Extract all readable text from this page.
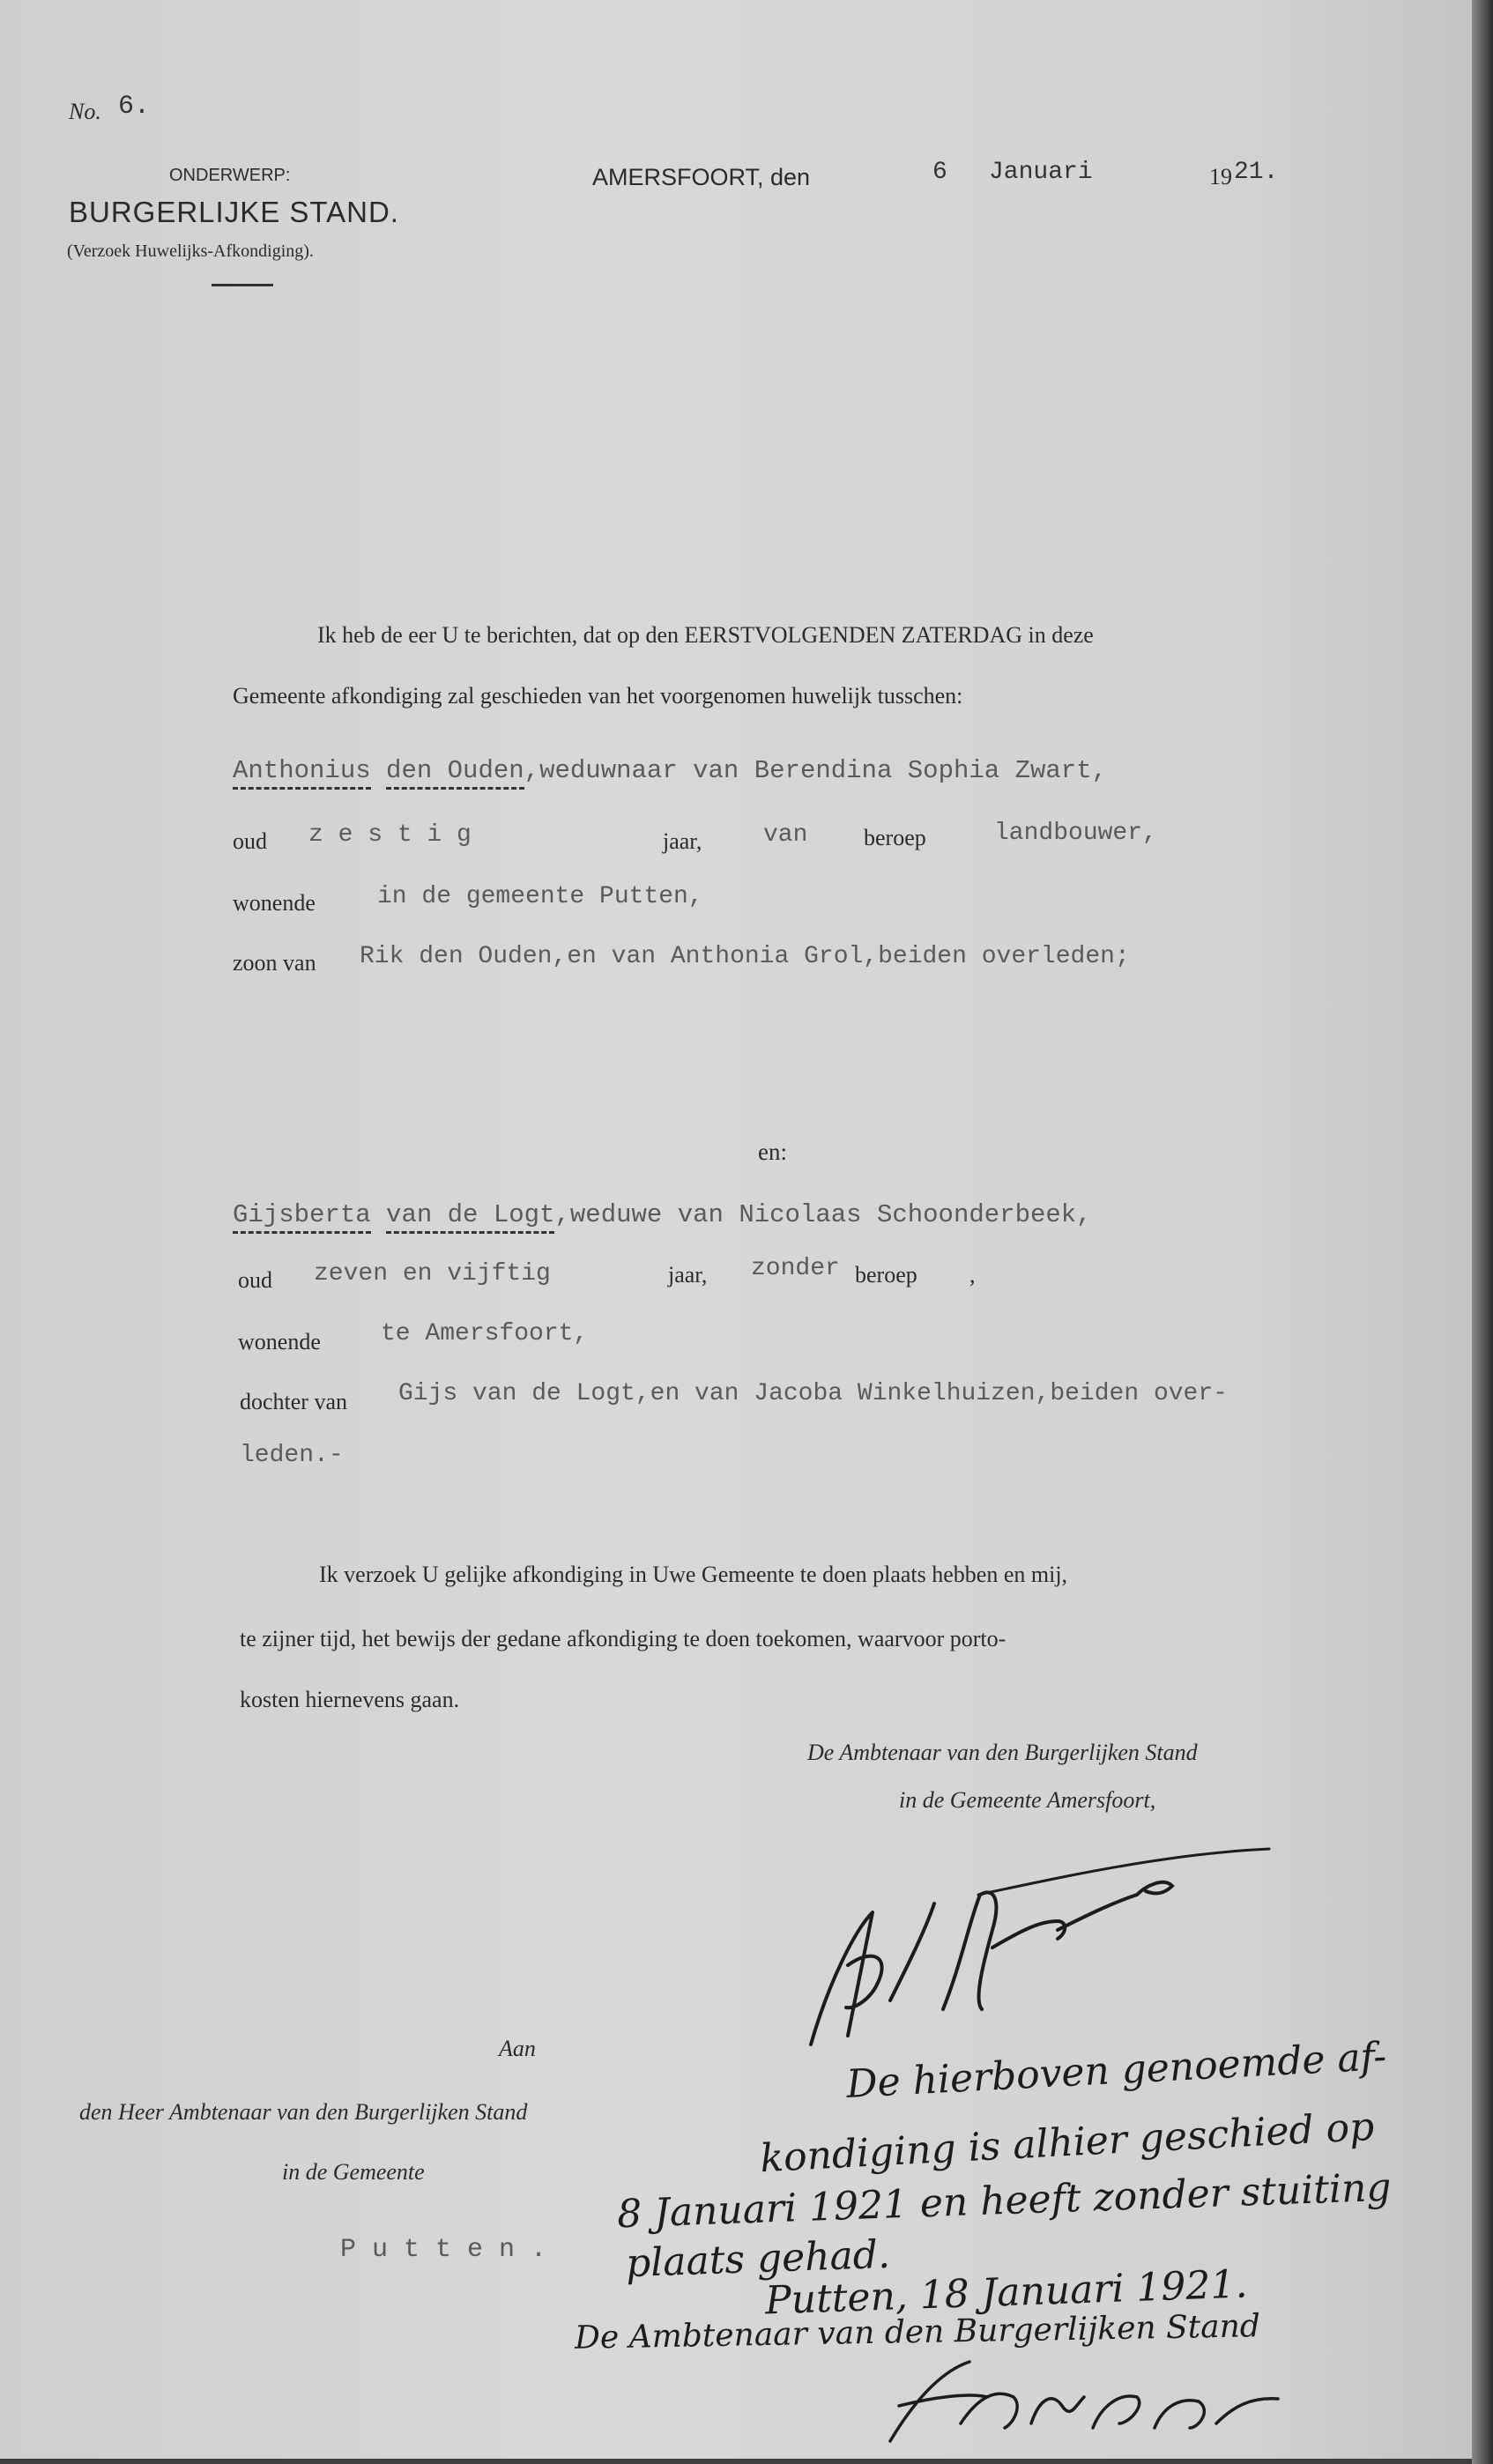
No. 6.
ONDERWERP:
BURGERLIJKE STAND.
(Verzoek Huwelijks-Afkondiging).
AMERSFOORT, den	6 Januari	19 21.
Ik heb de eer U te berichten, dat op den EERSTVOLGENDEN ZATERDAG in deze
Gemeente afkondiging zal geschieden van het voorgenomen huwelijk tusschen:
Anthonius den Ouden,weduwnaar van Berendina Sophia Zwart,
oud z e s t i g	jaar, van beroep	landbouwer,
wonende	in de gemeente Putten,
zoon van Rik den Ouden,en van Anthonia Grol,beiden overleden;
en:
Gijsberta van de Logt,weduwe van Nicolaas Schoonderbeek,
oud zeven en vijftig	jaar, zonder beroep ,
wonende te Amersfoort,
dochter van Gijs van de Logt,en van Jacoba Winkelhuizen,beiden over-
leden.-
Ik verzoek U gelijke afkondiging in Uwe Gemeente te doen plaats hebben en mij,
te zijner tijd, het bewijs der gedane afkondiging te doen toekomen, waarvoor porto-
kosten hiernevens gaan.
De Ambtenaar van den Burgerlijken Stand
in de Gemeente Amersfoort,
Aan
den Heer Ambtenaar van den Burgerlijken Stand
in de Gemeente
P u t t e n .
De hierboven genoemde af-
kondiging is alhier geschied op
8 Januari 1921 en heeft zonder stuiting
plaats gehad.
Putten, 18 Januari 1921.
De Ambtenaar van den Burgerlijken Stand
